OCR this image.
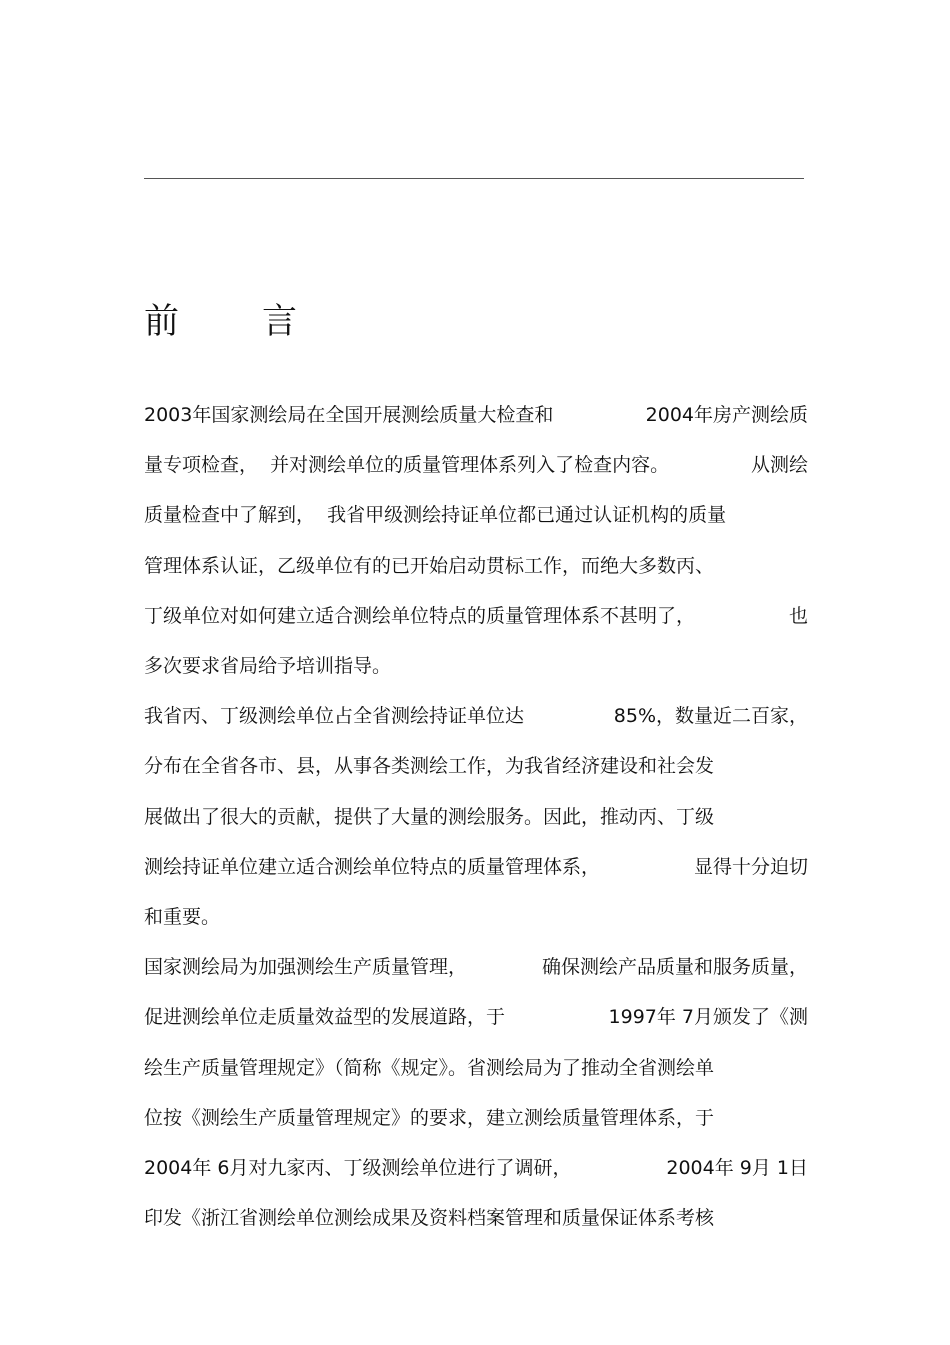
前	言
2003年国家测绘局在全国开展测绘质量大检查和	2004年房产测绘质
量专项检查，  并对测绘单位的质量管理体系列入了检查内容。	从测绘
质量检查中了解到，  我省甲级测绘持证单位都已通过认证机构的质量
管理体系认证，乙级单位有的已开始启动贯标工作，而绝大多数丙、
丁级单位对如何建立适合测绘单位特点的质量管理体系不甚明了，	也
多次要求省局给予培训指导。
我省丙、丁级测绘单位占全省测绘持证单位达	85%，数量近二百家，
分布在全省各市、县，从事各类测绘工作，为我省经济建设和社会发
展做出了很大的贡献，提供了大量的测绘服务。因此，推动丙、丁级
测绘持证单位建立适合测绘单位特点的质量管理体系，	显得十分迫切
和重要。
国家测绘局为加强测绘生产质量管理，	确保测绘产品质量和服务质量，
促进测绘单位走质量效益型的发展道路，于	1997年 7月颁发了《测
绘生产质量管理规定》（简称《规定》。省测绘局为了推动全省测绘单
位按《测绘生产质量管理规定》的要求，建立测绘质量管理体系，于
2004年 6月对九家丙、丁级测绘单位进行了调研，	2004年 9月 1日
印发《浙江省测绘单位测绘成果及资料档案管理和质量保证体系考核
